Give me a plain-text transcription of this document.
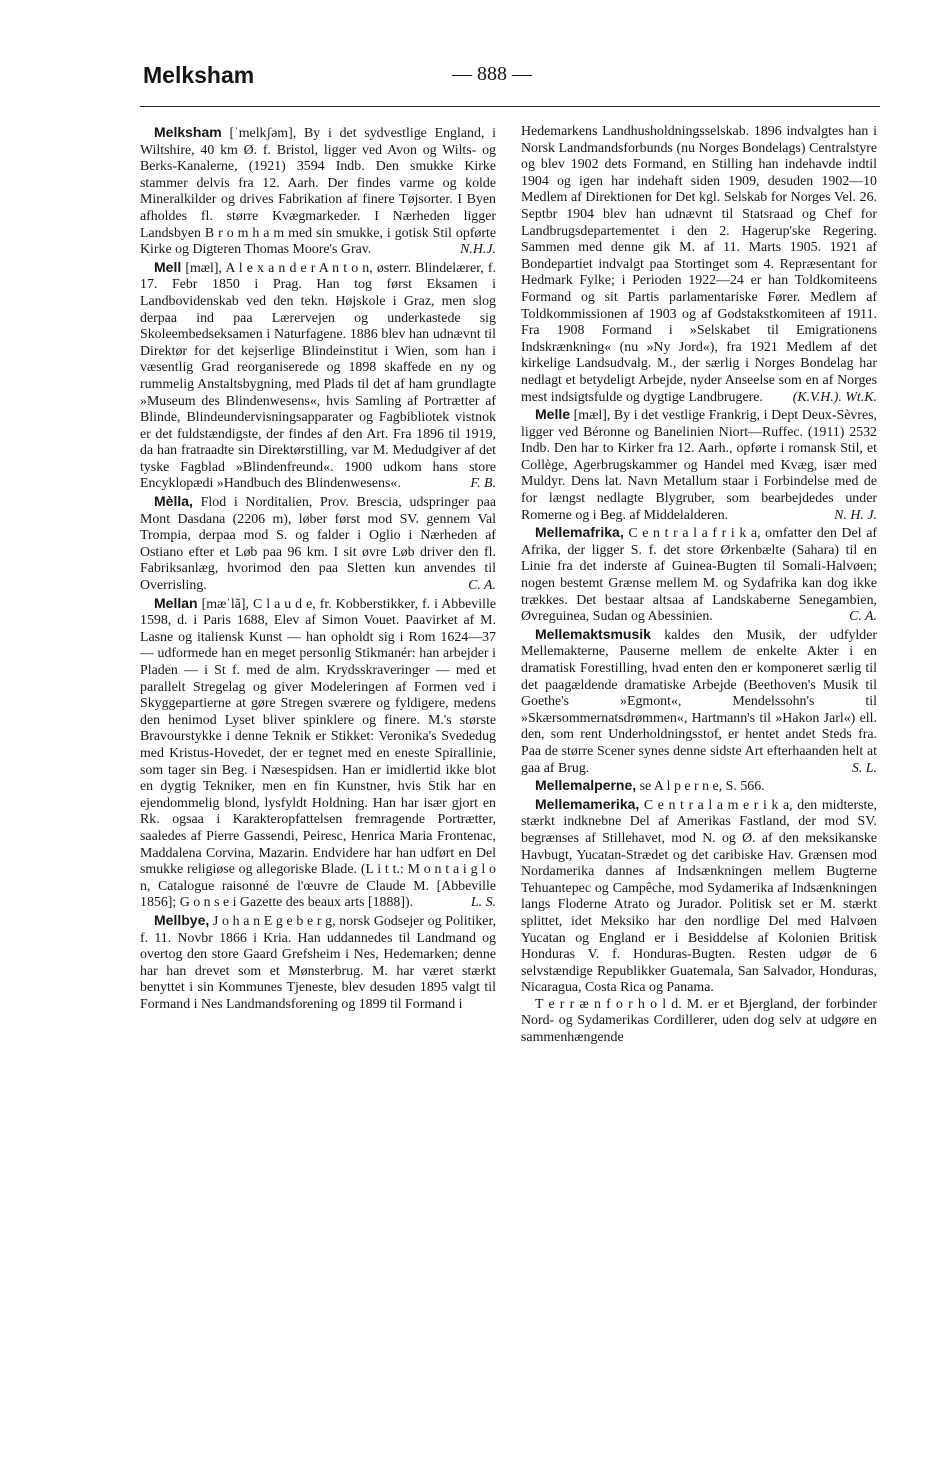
Melksham	— 888 —

Melksham [ˈmelkʃəm], By i det sydvestlige England, i Wiltshire, 40 km Ø. f. Bristol, ligger ved Avon og Wilts- og Berks-Kanalerne, (1921) 3594 Indb. Den smukke Kirke stammer delvis fra 12. Aarh. Der findes varme og kolde Mineralkilder og drives Fabrikation af finere Tøjsorter. I Byen afholdes fl. større Kvægmarkeder. I Nærheden ligger Landsbyen B r o m h a m med sin smukke, i gotisk Stil opførte Kirke og Digteren Thomas Moore's Grav.	N.H.J.

Mell [mæl], A l e x a n d e r A n t o n, østerr. Blindelærer, f. 17. Febr 1850 i Prag. Han tog først Eksamen i Landbovidenskab ved den tekn. Højskole i Graz, men slog derpaa ind paa Lærervejen og underkastede sig Skoleembedseksamen i Naturfagene. 1886 blev han udnævnt til Direktør for det kejserlige Blindeinstitut i Wien, som han i væsentlig Grad reorganiserede og 1898 skaffede en ny og rummelig Anstaltsbygning, med Plads til det af ham grundlagte »Museum des Blindenwesens«, hvis Samling af Portrætter af Blinde, Blindeundervisningsapparater og Fagbibliotek vistnok er det fuldstændigste, der findes af den Art. Fra 1896 til 1919, da han fratraadte sin Direktørstilling, var M. Medudgiver af det tyske Fagblad »Blindenfreund«. 1900 udkom hans store Encyklopædi »Handbuch des Blindenwesens«.	F. B.

Mèlla, Flod i Norditalien, Prov. Brescia, udspringer paa Mont Dasdana (2206 m), løber først mod SV. gennem Val Trompia, derpaa mod S. og falder i Oglio i Nærheden af Ostiano efter et Løb paa 96 km. I sit øvre Løb driver den fl. Fabriksanlæg, hvorimod den paa Sletten kun anvendes til Overrisling.	C. A.

Mellan [mæˈlã], C l a u d e, fr. Kobberstikker, f. i Abbeville 1598, d. i Paris 1688, Elev af Simon Vouet. Paavirket af M. Lasne og italiensk Kunst — han opholdt sig i Rom 1624—37 — udformede han en meget personlig Stikmanér: han arbejder i Pladen — i St f. med de alm. Krydsskraveringer — med et parallelt Stregelag og giver Modeleringen af Formen ved i Skyggepartierne at gøre Stregen sværere og fyldigere, medens den henimod Lyset bliver spinklere og finere. M.'s største Bravourstykke i denne Teknik er Stikket: Veronika's Svededug med Kristus-Hovedet, der er tegnet med en eneste Spirallinie, som tager sin Beg. i Næsespidsen. Han er imidlertid ikke blot en dygtig Tekniker, men en fin Kunstner, hvis Stik har en ejendommelig blond, lysfyldt Holdning. Han har især gjort en Rk. ogsaa i Karakteropfattelsen fremragende Portrætter, saaledes af Pierre Gassendi, Peiresc, Henrica Maria Frontenac, Maddalena Corvina, Mazarin. Endvidere har han udført en Del smukke religiøse og allegoriske Blade. (L i t t.: M o n t a i g l o n, Catalogue raisonné de l'œuvre de Claude M. [Abbeville 1856]; G o n s e i Gazette des beaux arts [1888]).	L. S.

Mellbye, J o h a n E g e b e r g, norsk Godsejer og Politiker, f. 11. Novbr 1866 i Kria. Han uddannedes til Landmand og overtog den store Gaard Grefsheim i Nes, Hedemarken; denne har han drevet som et Mønsterbrug. M. har været stærkt benyttet i sin Kommunes Tjeneste, blev desuden 1895 valgt til Formand i Nes Landmandsforening og 1899 til Formand i

Hedemarkens Landhusholdningsselskab. 1896 indvalgtes han i Norsk Landmandsforbunds (nu Norges Bondelags) Centralstyre og blev 1902 dets Formand, en Stilling han indehavde indtil 1904 og igen har indehaft siden 1909, desuden 1902—10 Medlem af Direktionen for Det kgl. Selskab for Norges Vel. 26. Septbr 1904 blev han udnævnt til Statsraad og Chef for Landbrugsdepartementet i den 2. Hagerup'ske Regering. Sammen med denne gik M. af 11. Marts 1905. 1921 af Bondepartiet indvalgt paa Stortinget som 4. Repræsentant for Hedmark Fylke; i Perioden 1922—24 er han Toldkomiteens Formand og sit Partis parlamentariske Fører. Medlem af Toldkommissionen af 1903 og af Godstakstkomiteen af 1911. Fra 1908 Formand i »Selskabet til Emigrationens Indskrænkning« (nu »Ny Jord«), fra 1921 Medlem af det kirkelige Landsudvalg. M., der særlig i Norges Bondelag har nedlagt et betydeligt Arbejde, nyder Anseelse som en af Norges mest indsigtsfulde og dygtige Landbrugere. (K.V.H.). Wt.K.

Melle [mæl], By i det vestlige Frankrig, i Dept Deux-Sèvres, ligger ved Béronne og Banelinien Niort—Ruffec. (1911) 2532 Indb. Den har to Kirker fra 12. Aarh., opførte i romansk Stil, et Collège, Agerbrugskammer og Handel med Kvæg, især med Muldyr. Dens lat. Navn Metallum staar i Forbindelse med de for længst nedlagte Blygruber, som bearbejdedes under Romerne og i Beg. af Middelalderen.	N. H. J.

Mellemafrika, C e n t r a l a f r i k a, omfatter den Del af Afrika, der ligger S. f. det store Ørkenbælte (Sahara) til en Linie fra det inderste af Guinea-Bugten til Somali-Halvøen; nogen bestemt Grænse mellem M. og Sydafrika kan dog ikke trækkes. Det bestaar altsaa af Landskaberne Senegambien, Øvreguinea, Sudan og Abessinien.	C. A.

Mellemaktsmusik kaldes den Musik, der udfylder Mellemakterne, Pauserne mellem de enkelte Akter i en dramatisk Forestilling, hvad enten den er komponeret særlig til det paagældende dramatiske Arbejde (Beethoven's Musik til Goethe's »Egmont«, Mendelssohn's til »Skærsommernatsdrømmen«, Hartmann's til »Hakon Jarl«) ell. den, som rent Underholdningsstof, er hentet andet Steds fra. Paa de større Scener synes denne sidste Art efterhaanden helt at gaa af Brug.	S. L.

Mellemalperne, se A l p e r n e, S. 566.

Mellemamerika, C e n t r a l a m e r i k a, den midterste, stærkt indknebne Del af Amerikas Fastland, der mod SV. begrænses af Stillehavet, mod N. og Ø. af den meksikanske Havbugt, Yucatan-Strædet og det caribiske Hav. Grænsen mod Nordamerika dannes af Indsænkningen mellem Bugterne Tehuantepec og Campêche, mod Sydamerika af Indsænkningen langs Floderne Atrato og Jurador. Politisk set er M. stærkt splittet, idet Meksiko har den nordlige Del med Halvøen Yucatan og England er i Besiddelse af Kolonien Britisk Honduras V. f. Honduras-Bugten. Resten udgør de 6 selvstændige Republikker Guatemala, San Salvador, Honduras, Nicaragua, Costa Rica og Panama.

T e r r æ n f o r h o l d. M. er et Bjergland, der forbinder Nord- og Sydamerikas Cordillerer, uden dog selv at udgøre en sammenhængende
